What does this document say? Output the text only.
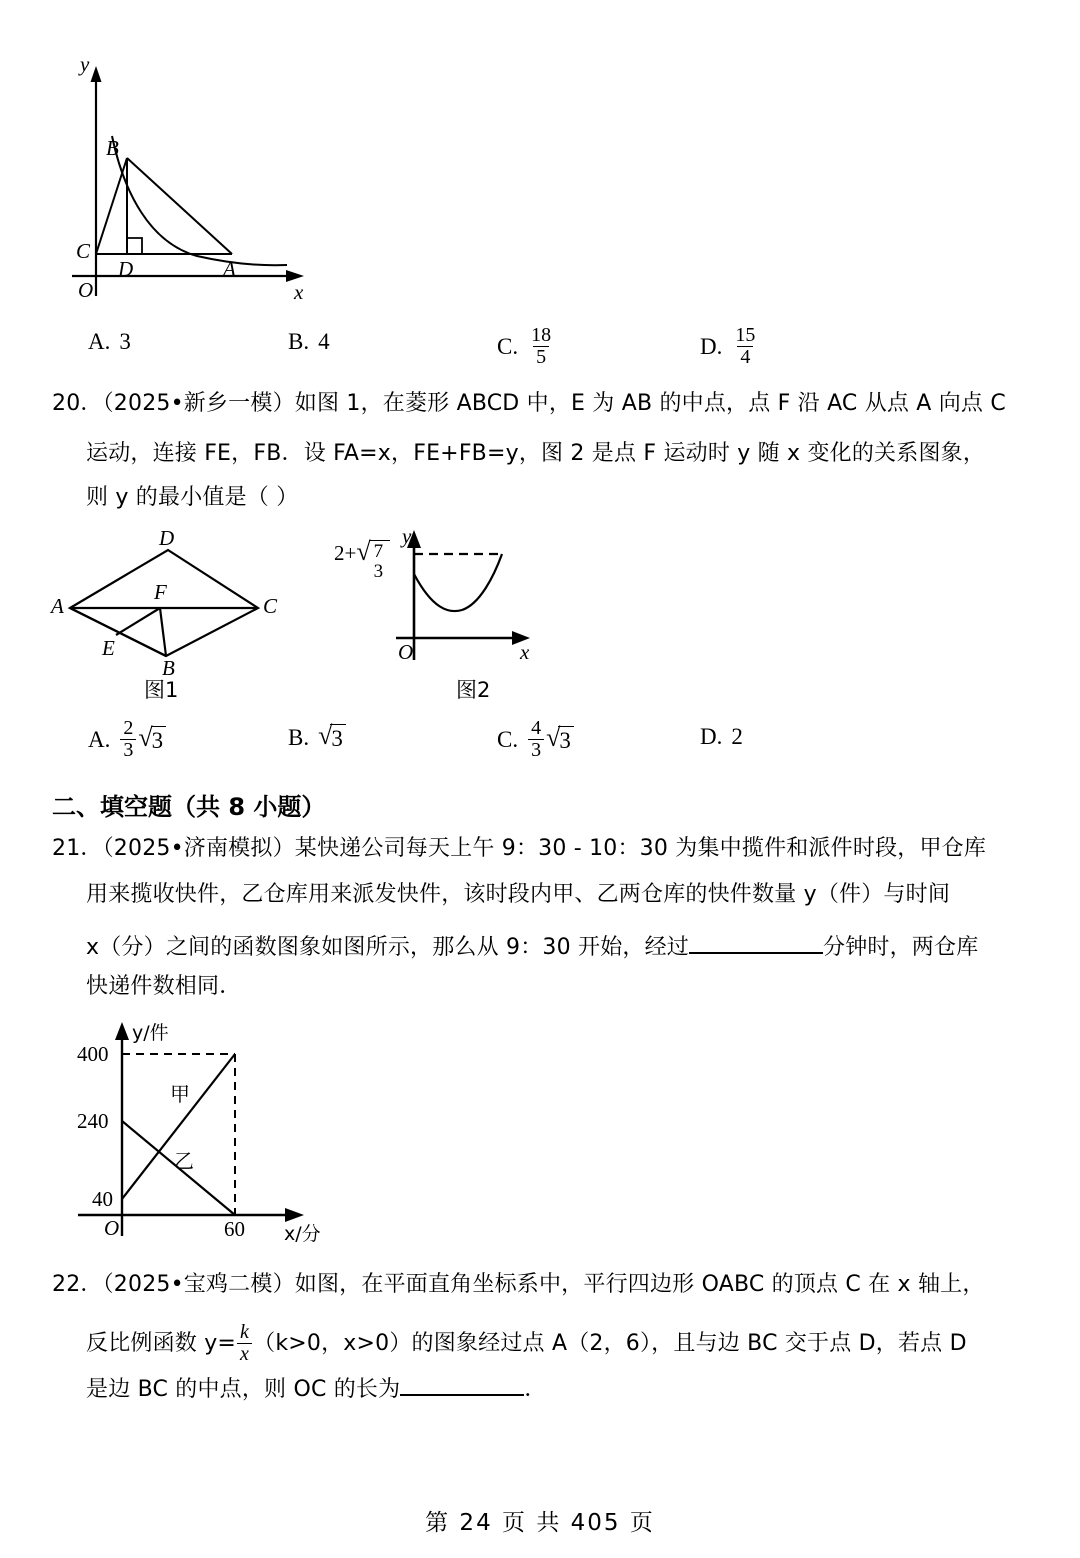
y
x
O
B
C
D	A
A. 3	B. 4	C. $\frac{18}{5}$	D. $\frac{15}{4}$
20．（2025•新乡一模）如图 1，在菱形 ABCD 中，E 为 AB 的中点，点 F 沿 AC 从点 A 向点 C
运动，连接 FE，FB．设 FA=x，FE+FB=y，图 2 是点 F 运动时 y 随 x 变化的关系图象，
则 y 的最小值是（ ）
D
A	C
B
F
E
图1
y
x
O
2+ √ 7
3
图2
A. $\frac{2}{3}$ √ 3	B. √ 3	C. $\frac{4}{3}$ √ 3	D. 2
二、填空题（共 8 小题）
21．（2025•济南模拟）某快递公司每天上午 9：30 - 10：30 为集中揽件和派件时段，甲仓库
用来揽收快件，乙仓库用来派发快件，该时段内甲、乙两仓库的快件数量 y（件）与时间
x（分）之间的函数图象如图所示，那么从 9：30 开始，经过	分钟时，两仓库
快递件数相同．
y/件
x/分
O
400
240
40
60
甲
乙
22．（2025•宝鸡二模）如图，在平面直角坐标系中，平行四边形 OABC 的顶点 C 在 x 轴上，
反比例函数 $y= \frac{k}{x} (k>0$，x>0）的图象经过点 A（2，6），且与边 BC 交于点 D，若点 D
是边 BC 的中点，则 OC 的长为	．
第 24 页 共 405 页
